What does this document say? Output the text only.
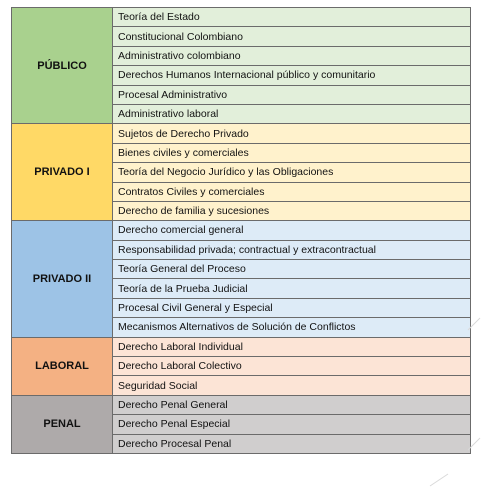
PÚBLICO	Teoría del Estado
	Constitucional Colombiano
	Administrativo colombiano
	Derechos Humanos Internacional público y comunitario
	Procesal Administrativo
	Administrativo laboral
PRIVADO I	Sujetos de Derecho Privado
	Bienes civiles y comerciales
	Teoría del Negocio Jurídico y las Obligaciones
	Contratos Civiles y comerciales
	Derecho de familia y sucesiones
PRIVADO II	Derecho comercial general
	Responsabilidad privada; contractual y extracontractual
	Teoría General del Proceso
	Teoría de la Prueba Judicial
	Procesal Civil General y Especial
	Mecanismos Alternativos de Solución de Conflictos
LABORAL	Derecho Laboral Individual
	Derecho Laboral Colectivo
	Seguridad Social
PENAL	Derecho Penal General
	Derecho Penal Especial
	Derecho Procesal Penal
